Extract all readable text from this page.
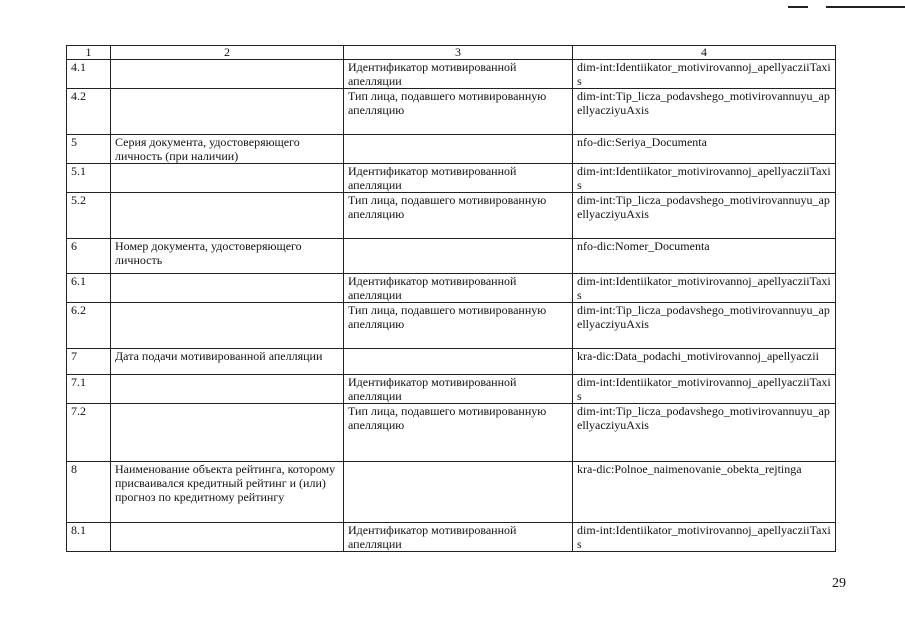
1	2	3	4
4.1		Идентификатор мотивированной апелляции	dim-int:Identiikator_motivirovannoj_apellyacziiTaxis
4.2		Тип лица, подавшего мотивированную апелляцию	dim-int:Tip_licza_podavshego_motivirovannuyu_apellyacziyuAxis
5	Серия документа, удостоверяющего личность (при наличии)		nfo-dic:Seriya_Documenta
5.1		Идентификатор мотивированной апелляции	dim-int:Identiikator_motivirovannoj_apellyacziiTaxis
5.2		Тип лица, подавшего мотивированную апелляцию	dim-int:Tip_licza_podavshego_motivirovannuyu_apellyacziyuAxis
6	Номер документа, удостоверяющего личность		nfo-dic:Nomer_Documenta
6.1		Идентификатор мотивированной апелляции	dim-int:Identiikator_motivirovannoj_apellyacziiTaxis
6.2		Тип лица, подавшего мотивированную апелляцию	dim-int:Tip_licza_podavshego_motivirovannuyu_apellyacziyuAxis
7	Дата подачи мотивированной апелляции		kra-dic:Data_podachi_motivirovannoj_apellyaczii
7.1		Идентификатор мотивированной апелляции	dim-int:Identiikator_motivirovannoj_apellyacziiTaxis
7.2		Тип лица, подавшего мотивированную апелляцию	dim-int:Tip_licza_podavshego_motivirovannuyu_apellyacziyuAxis
8	Наименование объекта рейтинга, которому присваивался кредитный рейтинг и (или) прогноз по кредитному рейтингу		kra-dic:Polnoe_naimenovanie_obekta_rejtinga
8.1		Идентификатор мотивированной апелляции	dim-int:Identiikator_motivirovannoj_apellyacziiTaxis
29
